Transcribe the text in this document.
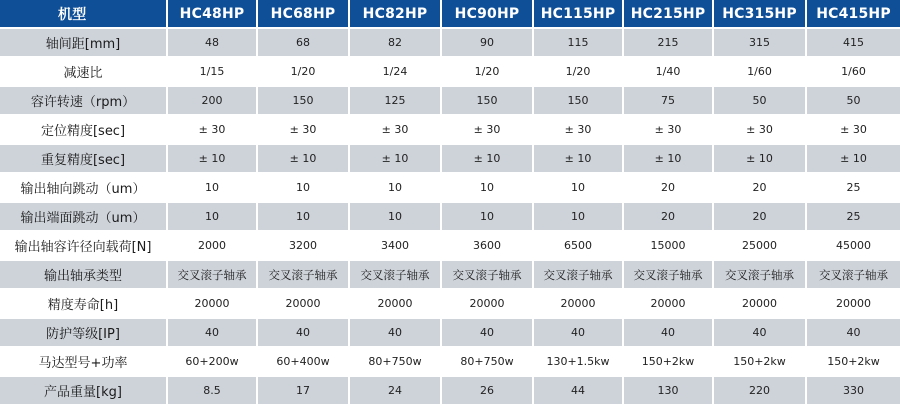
机型	HC48HP	HC68HP	HC82HP	HC90HP	HC115HP	HC215HP	HC315HP	HC415HP
轴间距[mm]	48	68	82	90	115	215	315	415
减速比	1/15	1/20	1/24	1/20	1/20	1/40	1/60	1/60
容许转速（rpm）	200	150	125	150	150	75	50	50
定位精度[sec]	± 30	± 30	± 30	± 30	± 30	± 30	± 30	± 30
重复精度[sec]	± 10	± 10	± 10	± 10	± 10	± 10	± 10	± 10
输出轴向跳动（um）	10	10	10	10	10	20	20	25
输出端面跳动（um）	10	10	10	10	10	20	20	25
输出轴容许径向载荷[N]	2000	3200	3400	3600	6500	15000	25000	45000
输出轴承类型	交叉滚子轴承	交叉滚子轴承	交叉滚子轴承	交叉滚子轴承	交叉滚子轴承	交叉滚子轴承	交叉滚子轴承	交叉滚子轴承
精度寿命[h]	20000	20000	20000	20000	20000	20000	20000	20000
防护等级[IP]	40	40	40	40	40	40	40	40
马达型号+功率	60+200w	60+400w	80+750w	80+750w	130+1.5kw	150+2kw	150+2kw	150+2kw
产品重量[kg]	8.5	17	24	26	44	130	220	330
